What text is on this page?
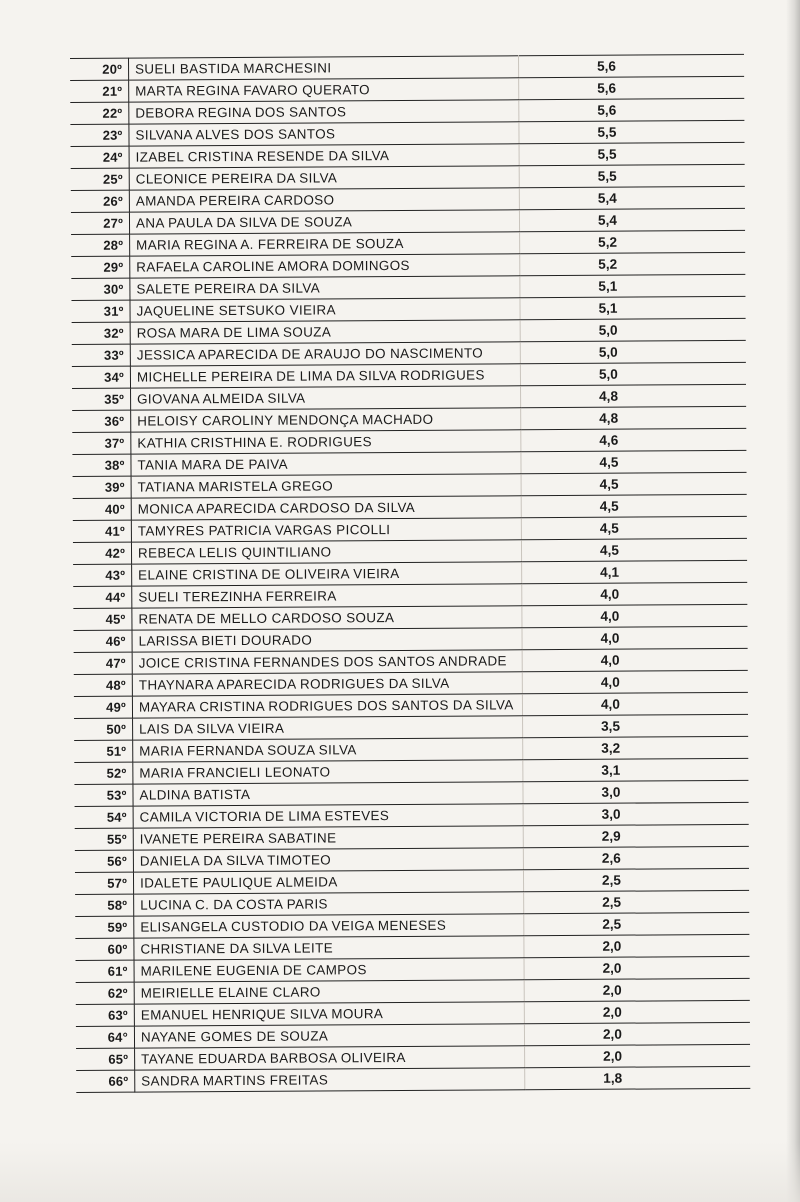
20º	SUELI BASTIDA MARCHESINI	5,6
21º	MARTA REGINA FAVARO QUERATO	5,6
22º	DEBORA REGINA DOS SANTOS	5,6
23º	SILVANA ALVES DOS SANTOS	5,5
24º	IZABEL CRISTINA RESENDE DA SILVA	5,5
25º	CLEONICE PEREIRA DA SILVA	5,5
26º	AMANDA PEREIRA CARDOSO	5,4
27º	ANA PAULA DA SILVA DE SOUZA	5,4
28º	MARIA REGINA A. FERREIRA DE SOUZA	5,2
29º	RAFAELA CAROLINE AMORA DOMINGOS	5,2
30º	SALETE PEREIRA DA SILVA	5,1
31º	JAQUELINE SETSUKO VIEIRA	5,1
32º	ROSA MARA DE LIMA SOUZA	5,0
33º	JESSICA APARECIDA DE ARAUJO DO NASCIMENTO	5,0
34º	MICHELLE PEREIRA DE LIMA DA SILVA RODRIGUES	5,0
35º	GIOVANA ALMEIDA SILVA	4,8
36º	HELOISY CAROLINY MENDONÇA MACHADO	4,8
37º	KATHIA CRISTHINA E. RODRIGUES	4,6
38º	TANIA MARA DE PAIVA	4,5
39º	TATIANA MARISTELA GREGO	4,5
40º	MONICA APARECIDA CARDOSO DA SILVA	4,5
41º	TAMYRES PATRICIA VARGAS PICOLLI	4,5
42º	REBECA LELIS QUINTILIANO	4,5
43º	ELAINE CRISTINA DE OLIVEIRA VIEIRA	4,1
44º	SUELI TEREZINHA FERREIRA	4,0
45º	RENATA DE MELLO CARDOSO SOUZA	4,0
46º	LARISSA BIETI DOURADO	4,0
47º	JOICE CRISTINA FERNANDES DOS SANTOS ANDRADE	4,0
48º	THAYNARA APARECIDA RODRIGUES DA SILVA	4,0
49º	MAYARA CRISTINA RODRIGUES DOS SANTOS DA SILVA	4,0
50º	LAIS DA SILVA VIEIRA	3,5
51º	MARIA FERNANDA SOUZA SILVA	3,2
52º	MARIA FRANCIELI LEONATO	3,1
53º	ALDINA BATISTA	3,0
54º	CAMILA VICTORIA DE LIMA ESTEVES	3,0
55º	IVANETE PEREIRA SABATINE	2,9
56º	DANIELA DA SILVA TIMOTEO	2,6
57º	IDALETE PAULIQUE ALMEIDA	2,5
58º	LUCINA C. DA COSTA PARIS	2,5
59º	ELISANGELA CUSTODIO DA VEIGA MENESES	2,5
60º	CHRISTIANE DA SILVA LEITE	2,0
61º	MARILENE EUGENIA DE CAMPOS	2,0
62º	MEIRIELLE ELAINE CLARO	2,0
63º	EMANUEL HENRIQUE SILVA MOURA	2,0
64°	NAYANE GOMES DE SOUZA	2,0
65º	TAYANE EDUARDA BARBOSA OLIVEIRA	2,0
66º	SANDRA MARTINS FREITAS	1,8
